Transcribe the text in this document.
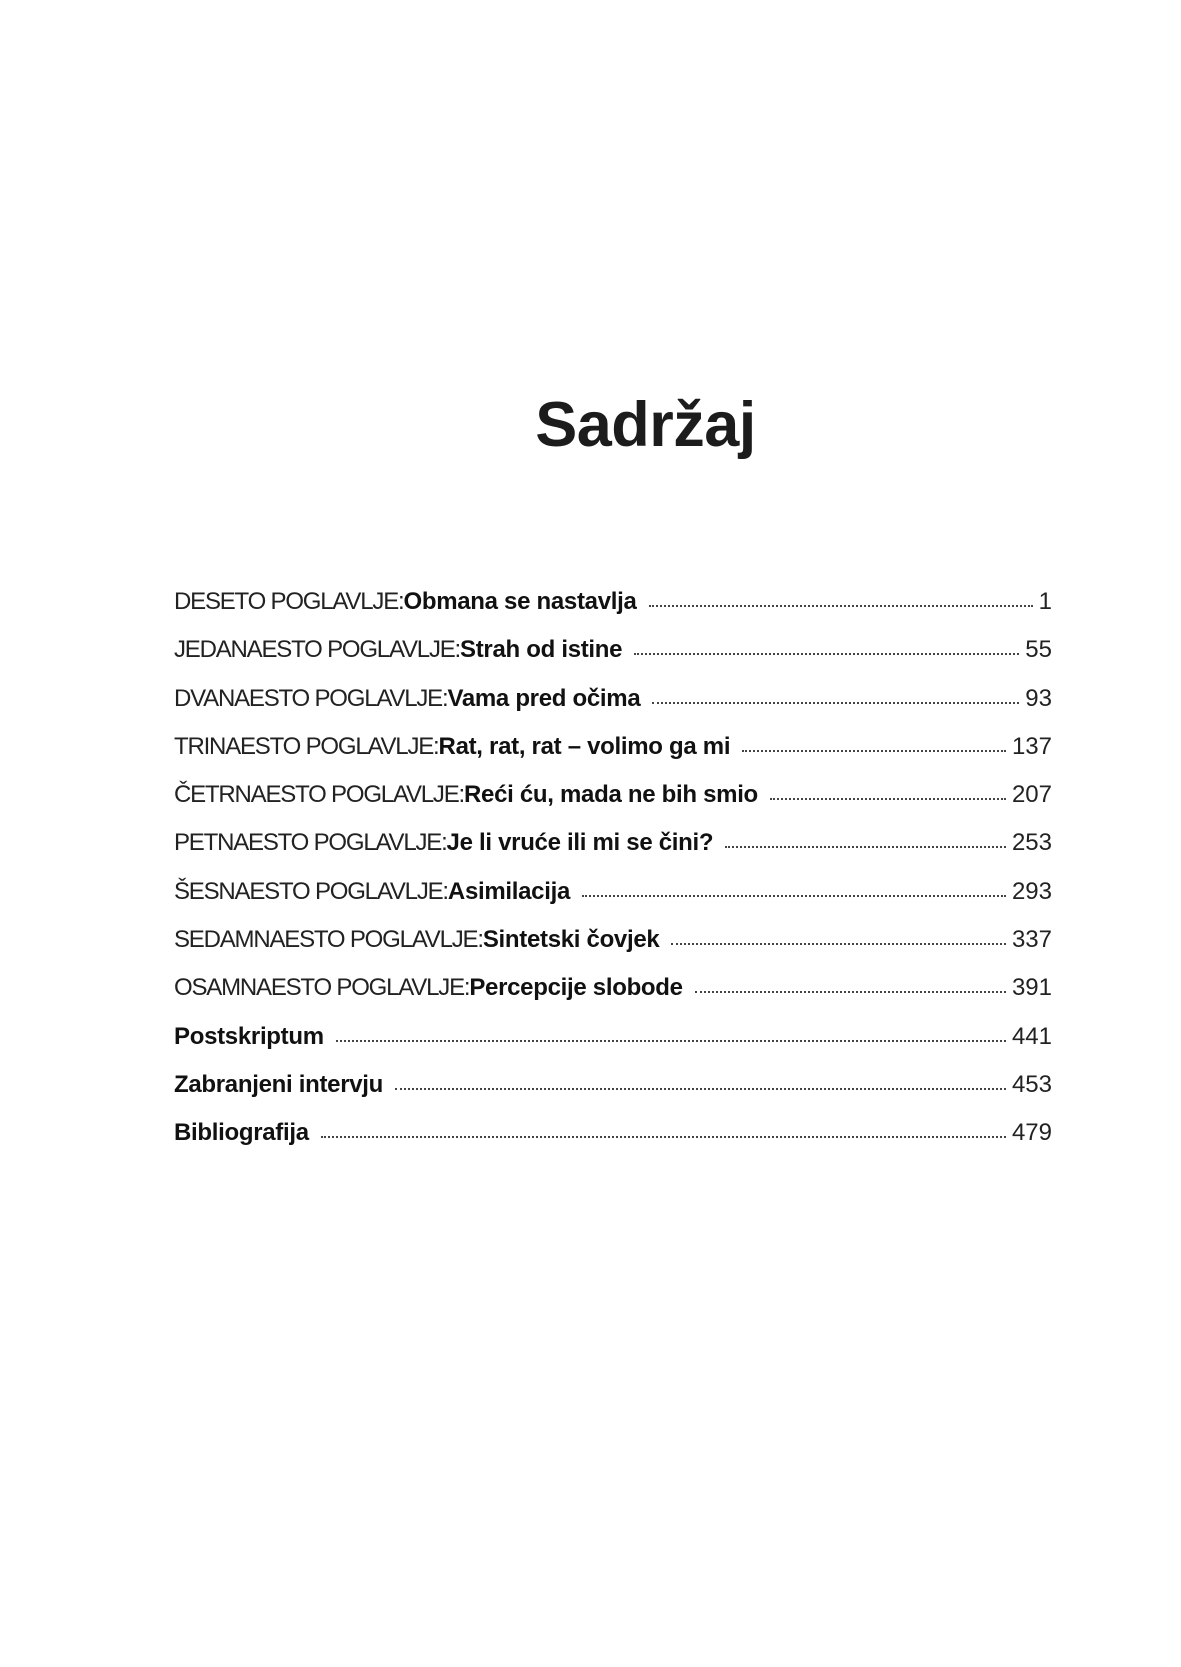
Sadržaj
DESETO POGLAVLJE: Obmana se nastavlja	1
JEDANAESTO POGLAVLJE: Strah od istine	55
DVANAESTO POGLAVLJE: Vama pred očima	93
TRINAESTO POGLAVLJE: Rat, rat, rat – volimo ga mi	137
ČETRNAESTO POGLAVLJE: Reći ću, mada ne bih smio	207
PETNAESTO POGLAVLJE: Je li vruće ili mi se čini?	253
ŠESNAESTO POGLAVLJE: Asimilacija	293
SEDAMNAESTO POGLAVLJE: Sintetski čovjek	337
OSAMNAESTO POGLAVLJE: Percepcije slobode	391
Postskriptum	441
Zabranjeni intervju	453
Bibliografija	479
